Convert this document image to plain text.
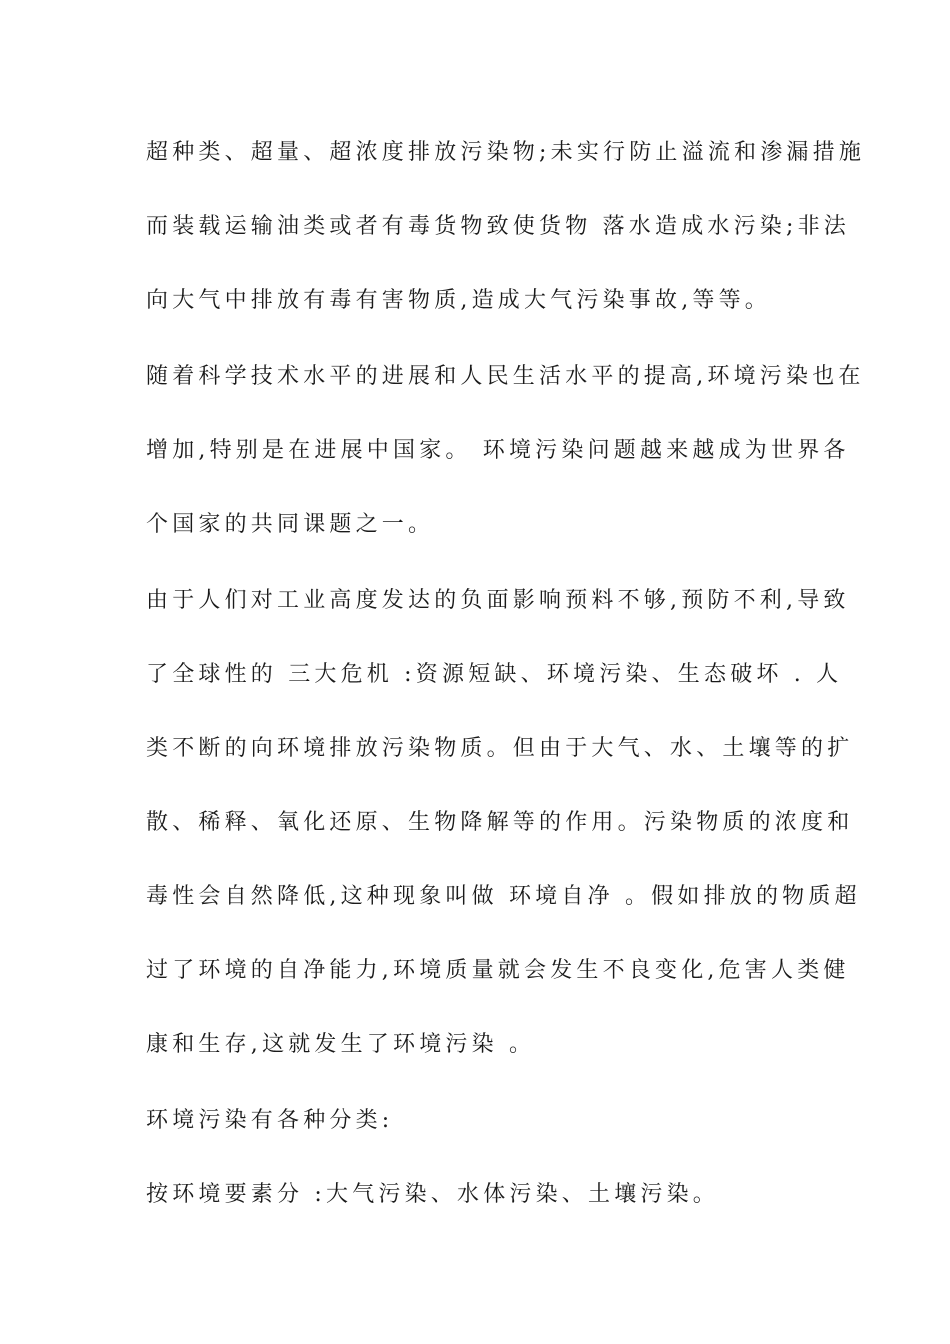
超种类、超量、超浓度排放污染物;未实行防止溢流和渗漏措施

而装载运输油类或者有毒货物致使货物 落水造成水污染;非法

向大气中排放有毒有害物质,造成大气污染事故,等等。

随着科学技术水平的进展和人民生活水平的提高,环境污染也在

增加,特别是在进展中国家。 环境污染问题越来越成为世界各

个国家的共同课题之一。

由于人们对工业高度发达的负面影响预料不够,预防不利,导致

了全球性的 三大危机 :资源短缺、环境污染、生态破坏 . 人

类不断的向环境排放污染物质。但由于大气、水、土壤等的扩

散、稀释、氧化还原、生物降解等的作用。污染物质的浓度和

毒性会自然降低,这种现象叫做 环境自净 。假如排放的物质超

过了环境的自净能力,环境质量就会发生不良变化,危害人类健

康和生存,这就发生了环境污染 。

环境污染有各种分类:

按环境要素分 :大气污染、水体污染、土壤污染。
